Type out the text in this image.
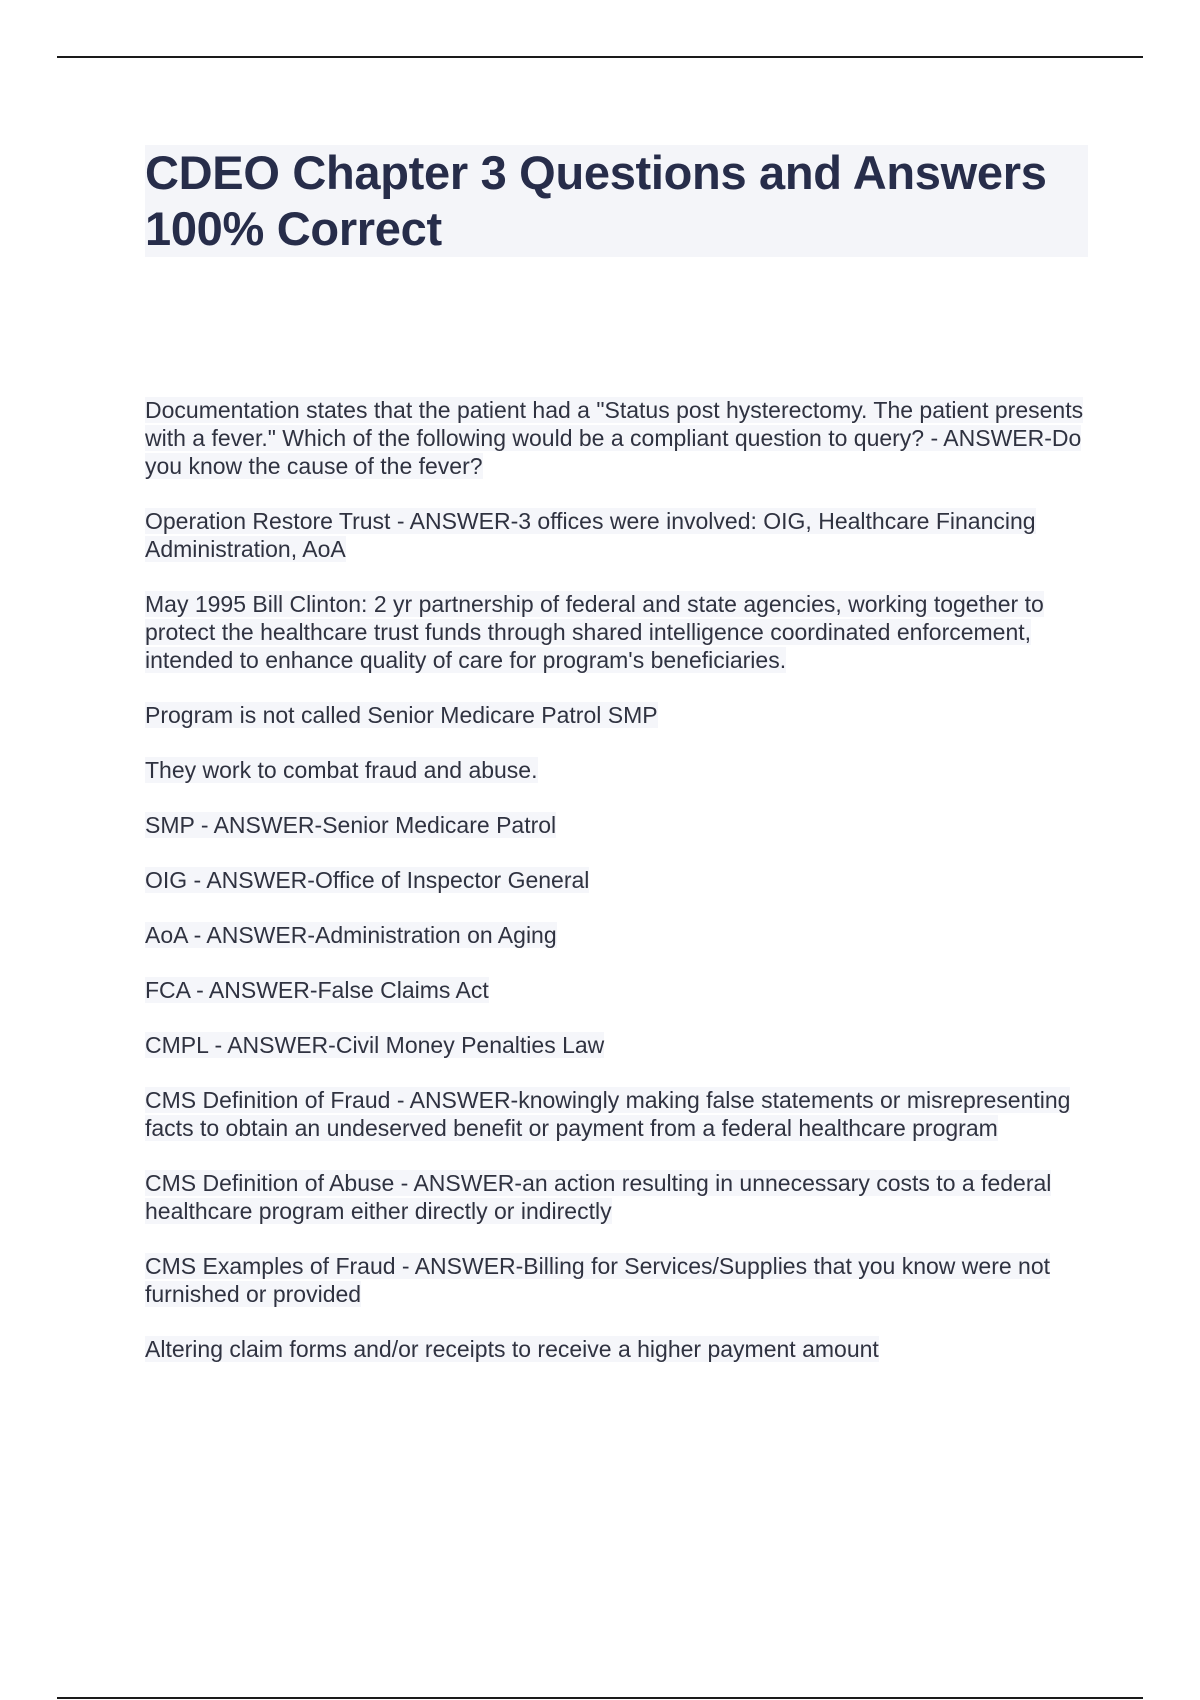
CDEO Chapter 3 Questions and Answers 100% Correct

Documentation states that the patient had a "Status post hysterectomy. The patient presents with a fever." Which of the following would be a compliant question to query? - ANSWER-Do you know the cause of the fever?

Operation Restore Trust - ANSWER-3 offices were involved: OIG, Healthcare Financing Administration, AoA

May 1995 Bill Clinton: 2 yr partnership of federal and state agencies, working together to protect the healthcare trust funds through shared intelligence coordinated enforcement, intended to enhance quality of care for program's beneficiaries.

Program is not called Senior Medicare Patrol SMP

They work to combat fraud and abuse.

SMP - ANSWER-Senior Medicare Patrol

OIG - ANSWER-Office of Inspector General

AoA - ANSWER-Administration on Aging

FCA - ANSWER-False Claims Act

CMPL - ANSWER-Civil Money Penalties Law

CMS Definition of Fraud - ANSWER-knowingly making false statements or misrepresenting facts to obtain an undeserved benefit or payment from a federal healthcare program

CMS Definition of Abuse - ANSWER-an action resulting in unnecessary costs to a federal healthcare program either directly or indirectly

CMS Examples of Fraud - ANSWER-Billing for Services/Supplies that you know were not furnished or provided

Altering claim forms and/or receipts to receive a higher payment amount
